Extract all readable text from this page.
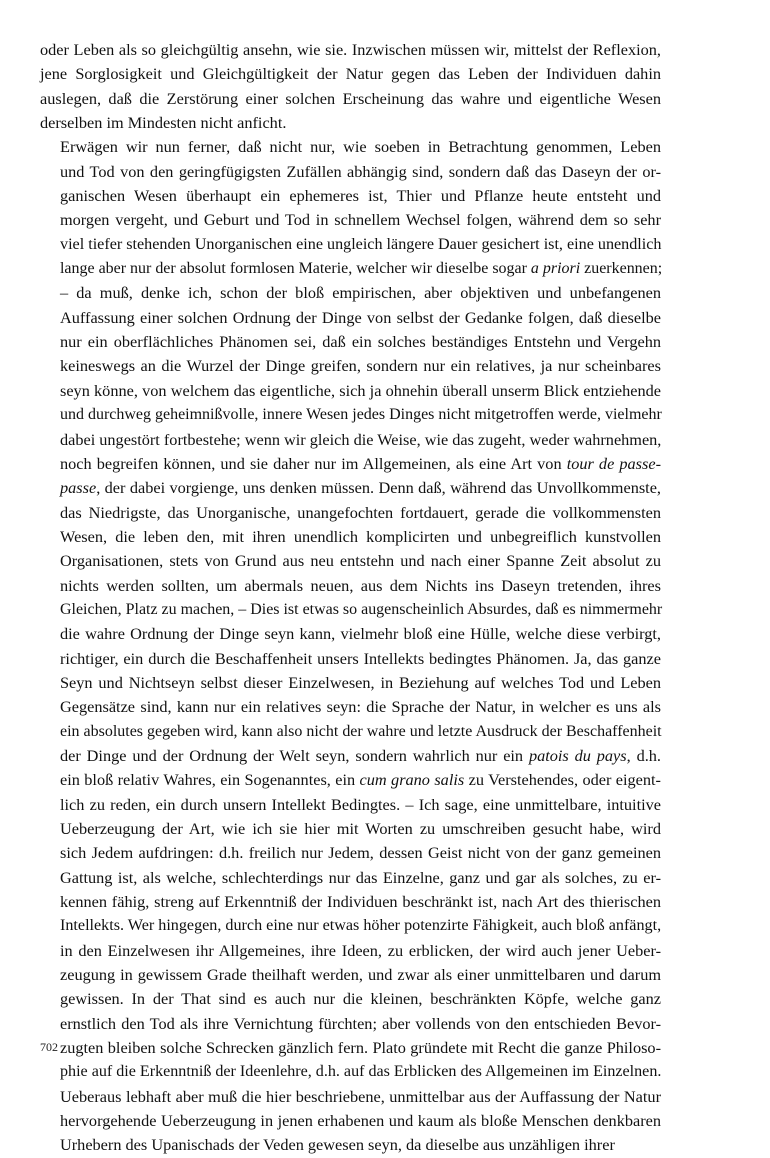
oder Leben als so gleichgültig ansehn, wie sie. Inzwischen müssen wir, mittelst der Reflexion,
jene Sorglosigkeit und Gleichgültigkeit der Natur gegen das Leben der Individuen dahin
auslegen, daß die Zerstörung einer solchen Erscheinung das wahre und eigentliche Wesen
derselben im Mindesten nicht anficht.

Erwägen wir nun ferner, daß nicht nur, wie soeben in Betrachtung genommen, Leben
und Tod von den geringfügigsten Zufällen abhängig sind, sondern daß das Daseyn der or-
ganischen Wesen überhaupt ein ephemeres ist, Thier und Pflanze heute entsteht und
morgen vergeht, und Geburt und Tod in schnellem Wechsel folgen, während dem so sehr
viel tiefer stehenden Unorganischen eine ungleich längere Dauer gesichert ist, eine unendlich
lange aber nur der absolut formlosen Materie, welcher wir dieselbe sogar a priori zuerkennen;
– da muß, denke ich, schon der bloß empirischen, aber objektiven und unbefangenen
Auffassung einer solchen Ordnung der Dinge von selbst der Gedanke folgen, daß dieselbe
nur ein oberflächliches Phänomen sei, daß ein solches beständiges Entstehn und Vergehn
keineswegs an die Wurzel der Dinge greifen, sondern nur ein relatives, ja nur scheinbares
seyn könne, von welchem das eigentliche, sich ja ohnehin überall unserm Blick entziehende
und durchweg geheimnißvolle, innere Wesen jedes Dinges nicht mitgetroffen werde, vielmehr
dabei ungestört fortbestehe; wenn wir gleich die Weise, wie das zugeht, weder wahrnehmen,
noch begreifen können, und sie daher nur im Allgemeinen, als eine Art von tour de passe-
passe, der dabei vorgienge, uns denken müssen. Denn daß, während das Unvollkommenste,
das Niedrigste, das Unorganische, unangefochten fortdauert, gerade die vollkommensten
Wesen, die leben den, mit ihren unendlich komplicirten und unbegreiflich kunstvollen
Organisationen, stets von Grund aus neu entstehn und nach einer Spanne Zeit absolut zu
nichts werden sollten, um abermals neuen, aus dem Nichts ins Daseyn tretenden, ihres
Gleichen, Platz zu machen, – Dies ist etwas so augenscheinlich Absurdes, daß es nimmermehr
die wahre Ordnung der Dinge seyn kann, vielmehr bloß eine Hülle, welche diese verbirgt,
richtiger, ein durch die Beschaffenheit unsers Intellekts bedingtes Phänomen. Ja, das ganze
Seyn und Nichtseyn selbst dieser Einzelwesen, in Beziehung auf welches Tod und Leben
Gegensätze sind, kann nur ein relatives seyn: die Sprache der Natur, in welcher es uns als
ein absolutes gegeben wird, kann also nicht der wahre und letzte Ausdruck der Beschaffenheit
der Dinge und der Ordnung der Welt seyn, sondern wahrlich nur ein patois du pays, d.h.
ein bloß relativ Wahres, ein Sogenanntes, ein cum grano salis zu Verstehendes, oder eigent-
lich zu reden, ein durch unsern Intellekt Bedingtes. – Ich sage, eine unmittelbare, intuitive
Ueberzeugung der Art, wie ich sie hier mit Worten zu umschreiben gesucht habe, wird
sich Jedem aufdringen: d.h. freilich nur Jedem, dessen Geist nicht von der ganz gemeinen
Gattung ist, als welche, schlechterdings nur das Einzelne, ganz und gar als solches, zu er-
kennen fähig, streng auf Erkenntniß der Individuen beschränkt ist, nach Art des thierischen
Intellekts. Wer hingegen, durch eine nur etwas höher potenzirte Fähigkeit, auch bloß anfängt,
in den Einzelwesen ihr Allgemeines, ihre Ideen, zu erblicken, der wird auch jener Ueber-
zeugung in gewissem Grade theilhaft werden, und zwar als einer unmittelbaren und darum
gewissen. In der That sind es auch nur die kleinen, beschränkten Köpfe, welche ganz
ernstlich den Tod als ihre Vernichtung fürchten; aber vollends von den entschieden Bevor-
zugten bleiben solche Schrecken gänzlich fern. Plato gründete mit Recht die ganze Philoso-
phie auf die Erkenntniß der Ideenlehre, d.h. auf das Erblicken des Allgemeinen im Einzelnen.
Ueberaus lebhaft aber muß die hier beschriebene, unmittelbar aus der Auffassung der Natur
hervorgehende Ueberzeugung in jenen erhabenen und kaum als bloße Menschen denkbaren
Urhebern des Upanischads der Veden gewesen seyn, da dieselbe aus unzähligen ihrer

702
